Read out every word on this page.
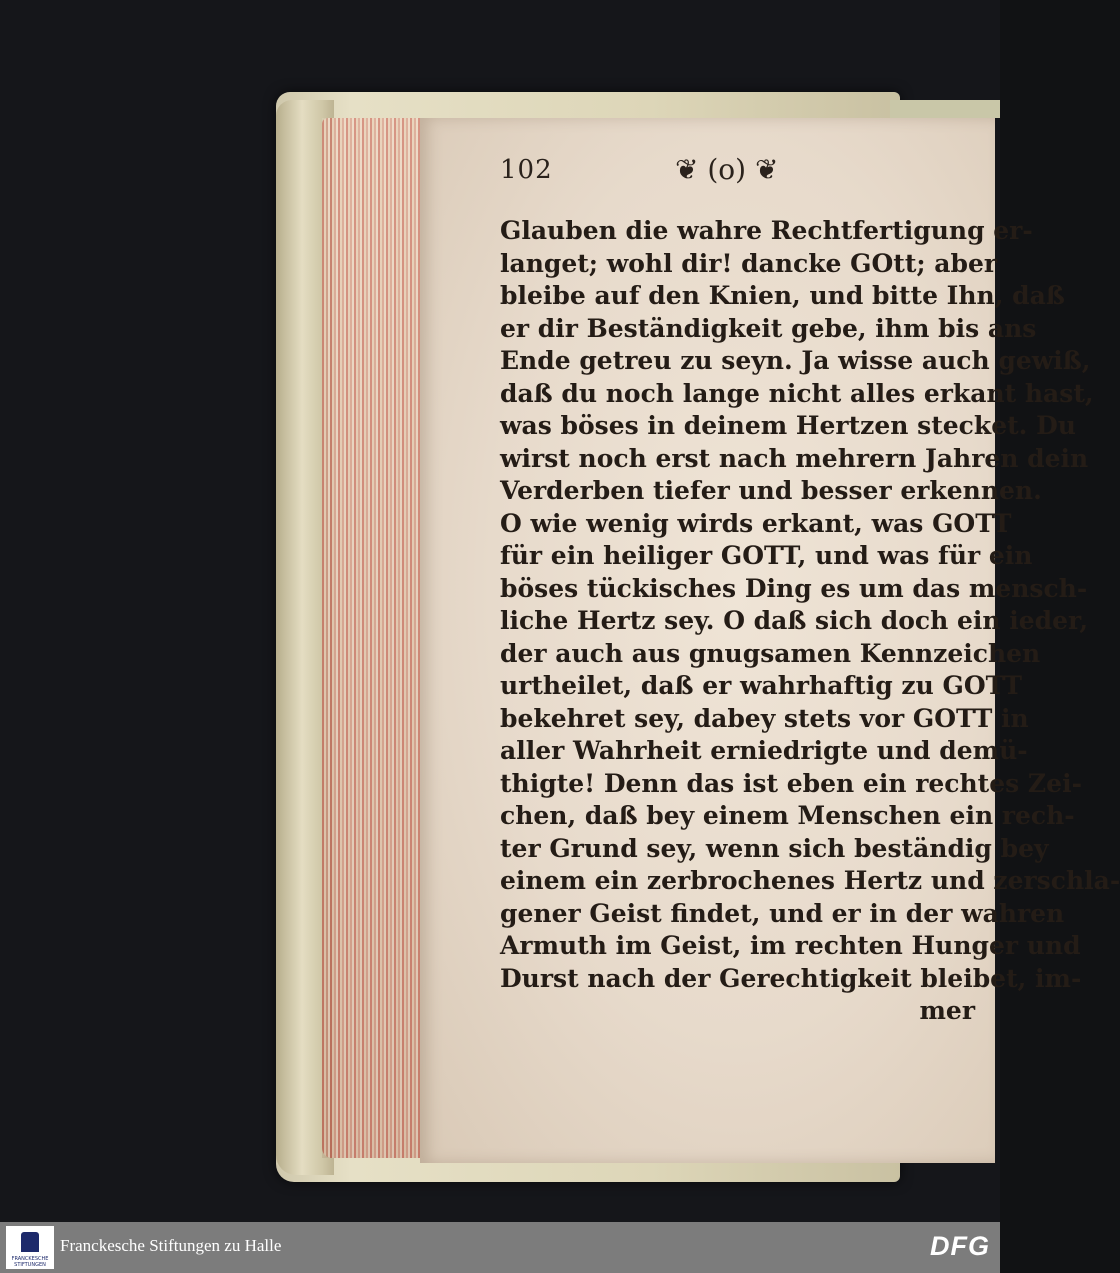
102	❦ (o) ❦
Glauben die wahre Rechtfertigung er-
langet; wohl dir! dancke GOtt; aber
bleibe auf den Knien, und bitte Ihn, daß
er dir Beständigkeit gebe, ihm bis ans
Ende getreu zu seyn. Ja wisse auch gewiß,
daß du noch lange nicht alles erkant hast,
was böses in deinem Hertzen stecket. Du
wirst noch erst nach mehrern Jahren dein
Verderben tiefer und besser erkennen.
O wie wenig wirds erkant, was GOTT
für ein heiliger GOTT, und was für ein
böses tückisches Ding es um das mensch-
liche Hertz sey. O daß sich doch ein ieder,
der auch aus gnugsamen Kennzeichen
urtheilet, daß er wahrhaftig zu GOTT
bekehret sey, dabey stets vor GOTT in
aller Wahrheit erniedrigte und demü-
thigte! Denn das ist eben ein rechtes Zei-
chen, daß bey einem Menschen ein rech-
ter Grund sey, wenn sich beständig bey
einem ein zerbrochenes Hertz und zerschla-
gener Geist findet, und er in der wahren
Armuth im Geist, im rechten Hunger und
Durst nach der Gerechtigkeit bleibet, im-
mer
FRANCKESCHE STIFTUNGEN
Franckesche Stiftungen zu Halle	DFG
